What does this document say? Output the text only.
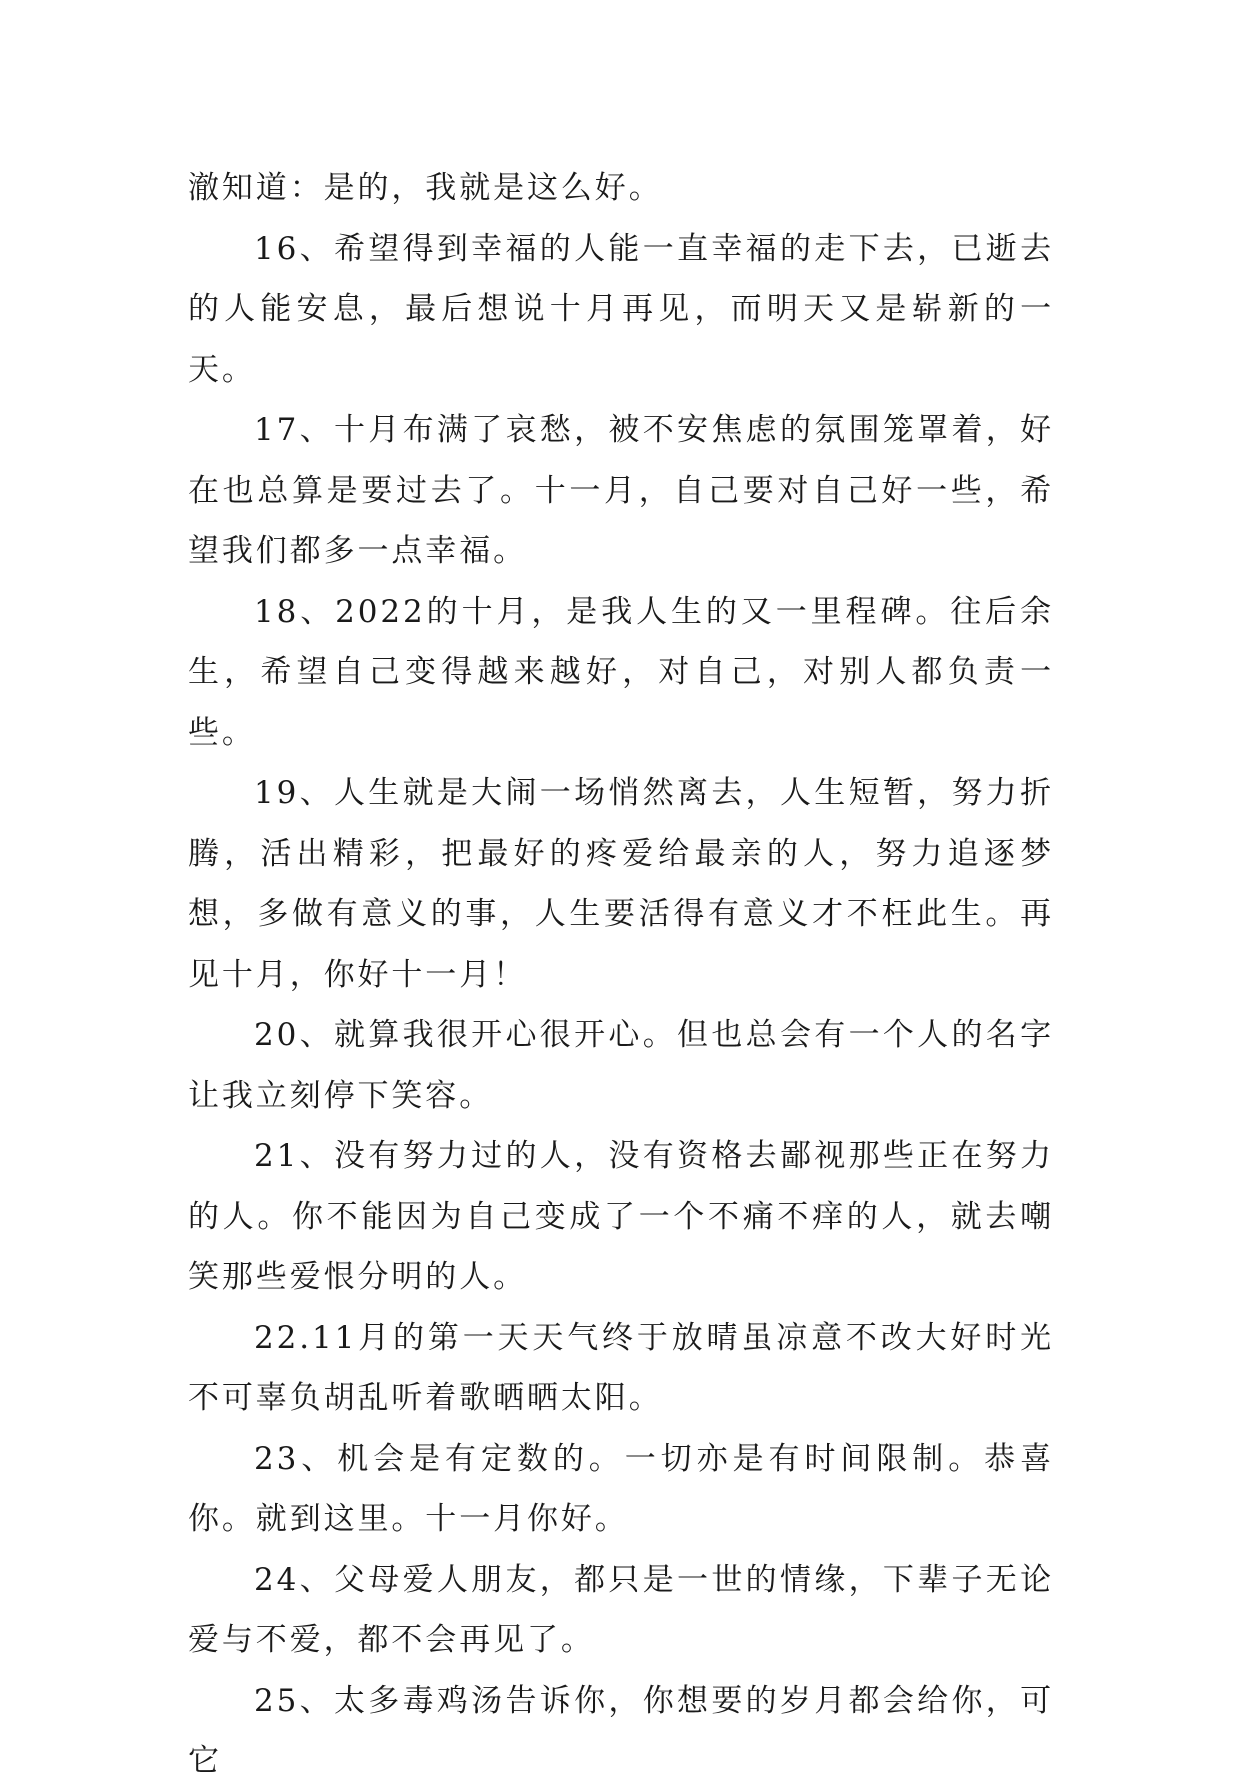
澈知道：是的，我就是这么好。

16、希望得到幸福的人能一直幸福的走下去，已逝去的人能安息，最后想说十月再见，而明天又是崭新的一天。

17、十月布满了哀愁，被不安焦虑的氛围笼罩着，好在也总算是要过去了。十一月，自己要对自己好一些，希望我们都多一点幸福。

18、2022的十月，是我人生的又一里程碑。往后余生，希望自己变得越来越好，对自己，对别人都负责一些。

19、人生就是大闹一场悄然离去，人生短暂，努力折腾，活出精彩，把最好的疼爱给最亲的人，努力追逐梦想，多做有意义的事，人生要活得有意义才不枉此生。再见十月，你好十一月！

20、就算我很开心很开心。但也总会有一个人的名字让我立刻停下笑容。

21、没有努力过的人，没有资格去鄙视那些正在努力的人。你不能因为自己变成了一个不痛不痒的人，就去嘲笑那些爱恨分明的人。

22.11月的第一天天气终于放晴虽凉意不改大好时光不可辜负胡乱听着歌晒晒太阳。

23、机会是有定数的。一切亦是有时间限制。恭喜你。就到这里。十一月你好。

24、父母爱人朋友，都只是一世的情缘，下辈子无论爱与不爱，都不会再见了。

25、太多毒鸡汤告诉你，你想要的岁月都会给你，可它
